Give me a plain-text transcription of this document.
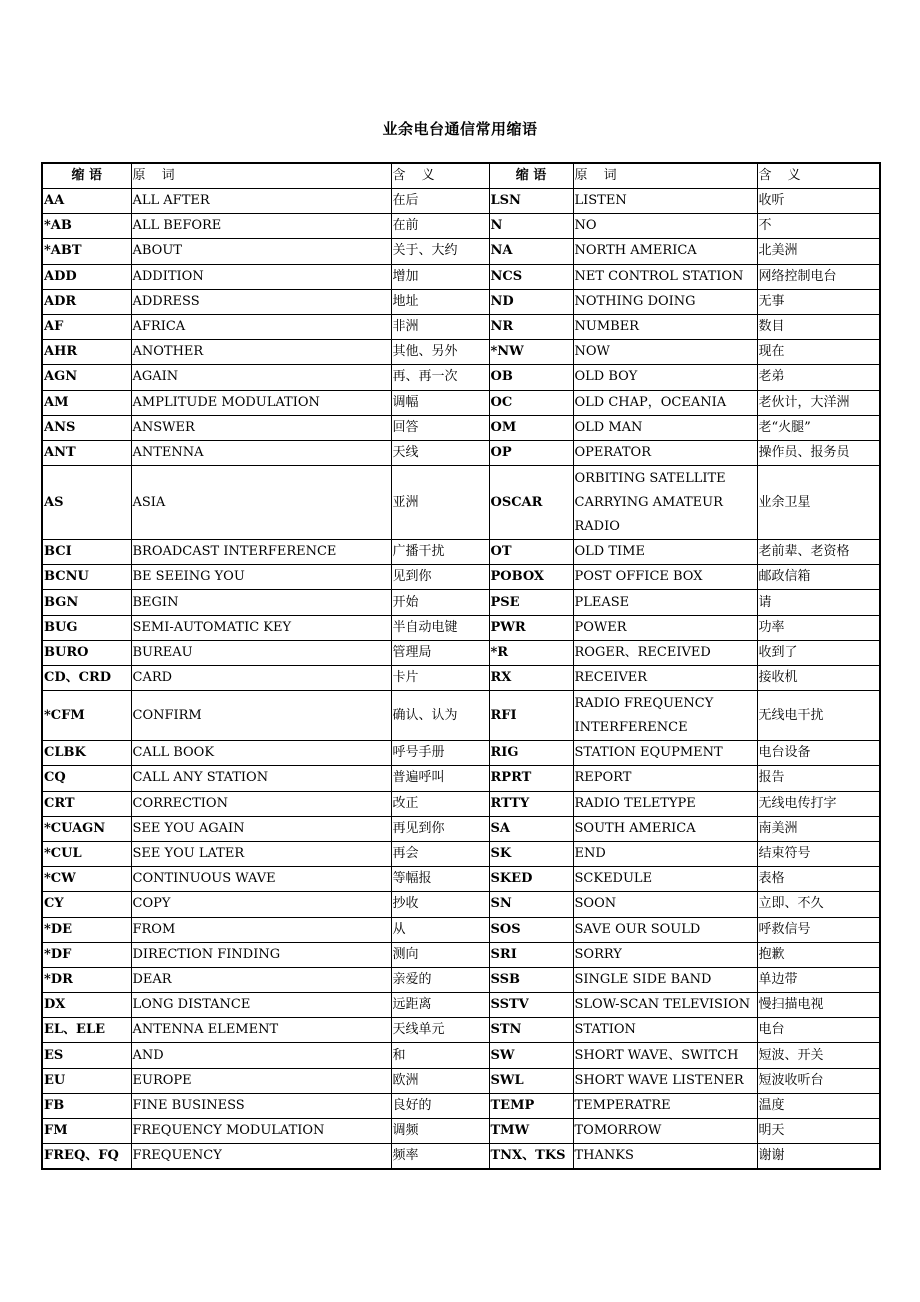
业余电台通信常用缩语
缩 语	原 词	含 义	缩 语	原 词	含 义
AA	ALL AFTER	在后	LSN	LISTEN	收听
*AB	ALL BEFORE	在前	N	NO	不
*ABT	ABOUT	关于、大约	NA	NORTH AMERICA	北美洲
ADD	ADDITION	增加	NCS	NET CONTROL STATION	网络控制电台
ADR	ADDRESS	地址	ND	NOTHING DOING	无事
AF	AFRICA	非洲	NR	NUMBER	数目
AHR	ANOTHER	其他、另外	*NW	NOW	现在
AGN	AGAIN	再、再一次	OB	OLD BOY	老弟
AM	AMPLITUDE MODULATION	调幅	OC	OLD CHAP，OCEANIA	老伙计，大洋洲
ANS	ANSWER	回答	OM	OLD MAN	老“火腿”
ANT	ANTENNA	天线	OP	OPERATOR	操作员、报务员
AS	ASIA	亚洲	OSCAR	ORBITING SATELLITE CARRYING AMATEUR RADIO	业余卫星
BCI	BROADCAST INTERFERENCE	广播干扰	OT	OLD TIME	老前辈、老资格
BCNU	BE SEEING YOU	见到你	POBOX	POST OFFICE BOX	邮政信箱
BGN	BEGIN	开始	PSE	PLEASE	请
BUG	SEMI-AUTOMATIC KEY	半自动电键	PWR	POWER	功率
BURO	BUREAU	管理局	*R	ROGER、RECEIVED	收到了
CD、CRD	CARD	卡片	RX	RECEIVER	接收机
*CFM	CONFIRM	确认、认为	RFI	RADIO FREQUENCY INTERFERENCE	无线电干扰
CLBK	CALL BOOK	呼号手册	RIG	STATION EQUPMENT	电台设备
CQ	CALL ANY STATION	普遍呼叫	RPRT	REPORT	报告
CRT	CORRECTION	改正	RTTY	RADIO TELETYPE	无线电传打字
*CUAGN	SEE YOU AGAIN	再见到你	SA	SOUTH AMERICA	南美洲
*CUL	SEE YOU LATER	再会	SK	END	结束符号
*CW	CONTINUOUS WAVE	等幅报	SKED	SCKEDULE	表格
CY	COPY	抄收	SN	SOON	立即、不久
*DE	FROM	从	SOS	SAVE OUR SOULD	呼救信号
*DF	DIRECTION FINDING	测向	SRI	SORRY	抱歉
*DR	DEAR	亲爱的	SSB	SINGLE SIDE BAND	单边带
DX	LONG DISTANCE	远距离	SSTV	SLOW-SCAN TELEVISION	慢扫描电视
EL、ELE	ANTENNA ELEMENT	天线单元	STN	STATION	电台
ES	AND	和	SW	SHORT WAVE、SWITCH	短波、开关
EU	EUROPE	欧洲	SWL	SHORT WAVE LISTENER	短波收听台
FB	FINE BUSINESS	良好的	TEMP	TEMPERATRE	温度
FM	FREQUENCY MODULATION	调频	TMW	TOMORROW	明天
FREQ、FQ	FREQUENCY	频率	TNX、TKS	THANKS	谢谢
